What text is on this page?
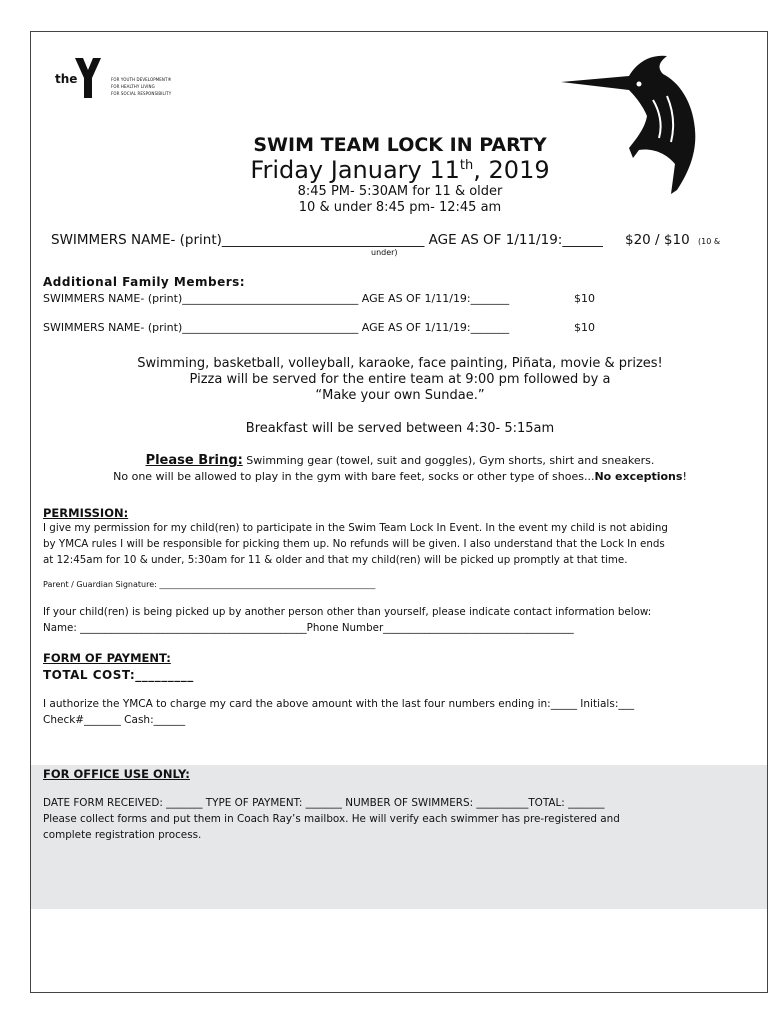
the	FOR YOUTH DEVELOPMENT®
FOR HEALTHY LIVING
FOR SOCIAL RESPONSIBILITY
SWIM TEAM LOCK IN PARTY
Friday January 11th, 2019
8:45 PM- 5:30AM for 11 & older
10 & under 8:45 pm- 12:45 am
SWIMMERS NAME- (print)______________________________ AGE AS OF 1/11/19:______ $20 / $10 (10 &
under)
Additional Family Members:
SWIMMERS NAME- (print)________________________________ AGE AS OF 1/11/19:_______	$10
SWIMMERS NAME- (print)________________________________ AGE AS OF 1/11/19:_______	$10
Swimming, basketball, volleyball, karaoke, face painting, Piñata, movie & prizes!
Pizza will be served for the entire team at 9:00 pm followed by a
“Make your own Sundae.”
Breakfast will be served between 4:30- 5:15am
Please Bring: Swimming gear (towel, suit and goggles), Gym shorts, shirt and sneakers.
No one will be allowed to play in the gym with bare feet, socks or other type of shoes...No exceptions!
PERMISSION:
I give my permission for my child(ren) to participate in the Swim Team Lock In Event. In the event my child is not abiding
by YMCA rules I will be responsible for picking them up. No refunds will be given. I also understand that the Lock In ends
at 12:45am for 10 & under, 5:30am for 11 & older and that my child(ren) will be picked up promptly at that time.
Parent / Guardian Signature: ______________________________________________________
If your child(ren) is being picked up by another person other than yourself, please indicate contact information below:
Name: ____________________________________________Phone Number_____________________________________
FORM OF PAYMENT:
TOTAL COST:_________
I authorize the YMCA to charge my card the above amount with the last four numbers ending in:_____ Initials:___
Check#_______ Cash:______
FOR OFFICE USE ONLY:
DATE FORM RECEIVED: _______ TYPE OF PAYMENT: _______ NUMBER OF SWIMMERS: __________TOTAL: _______
Please collect forms and put them in Coach Ray’s mailbox. He will verify each swimmer has pre-registered and
complete registration process.
